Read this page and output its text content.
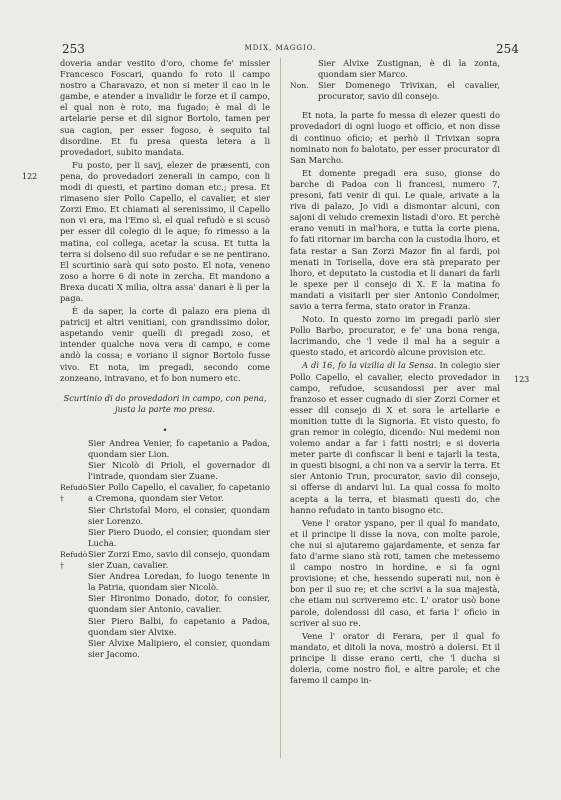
253	MDIX, MAGGIO.	254
122
123

doveria andar vestito d'oro, chome fe' missier Francesco Foscari, quando fo roto il campo nostro a Charavazo, et non si meter il cao in le gambe, e atender a invalidir le forze et il campo, el qual non è roto, ma fugado; è mal di le artelarie perse et dil signor Bortolo, tamen per sua cagion, per esser fogoso, è sequito tal disordine. Et fu presa questa letera a li provedadori, subito mandata.

Fu posto, per li savj, elezer de præsenti, con pena, do provedadori zenerali in campo, con li modi di questi, et partino doman etc.; presa. Et rimaseno sier Pollo Capello, el cavalier, et sier Zorzi Emo. Et chiamati al serenissimo, il Capello non vi era, ma l'Emo sì, el qual refudò e si scusò per esser dil colegio di le aque; fo rimesso a la matina, col collega, acetar la scusa. Et tutta la terra si dolseno dil suo refudar e se ne pentirano. El scurtinio sarà qui soto posto. El nota, veneno zoso a horre 6 di note in zercha. Et mandono a Brexa ducati X milia, oltra assa' danari è lì per la paga.

È da saper, la corte di palazo era piena di patricij et altri venitiani, con grandissimo dolor, aspetando venir quelli di pregadi zoso, et intender qualche nova vera di campo, e come andò la cossa; e voriano il signor Bortolo fusse vivo. Et nota, im pregadi, secondo come zonzeano, intravano, et fo bon numero etc.

Scurtinio di do provedadori in campo, con pena, justa la parte mo presa.

•

Sier Andrea Venier, fo capetanio a Padoa, quondam sier Lion.
Sier Nicolò di Prioli, el governador di l'intrade, quondam sier Zuane.
Refudò †
Sier Pollo Capello, el cavalier, fo capetanio a Cremona, quondam sier Vetor.
Sier Christofal Moro, el consier, quondam sier Lorenzo.
Sier Piero Duodo, el consier, quondam sier Lucha.
Refudò †
Sier Zorzi Emo, savio dil consejo, quondam sier Zuan, cavalier.
Sier Andrea Loredan, fo luogo tenente in la Patria, quondam sier Nicolò.
Sier Hironimo Donado, dotor, fo consier, quondam sier Antonio, cavalier.
Sier Piero Balbi, fo capetanio a Padoa, quondam sier Alvixe.
Sier Alvixe Malipiero, el consier, quondam sier Jacomo.
Sier Alvixe Zustignan, è di la zonta, quondam sier Marco.
Non.	Sier Domenego Trivixan, el cavalier, procurator, savio dil consejo.

Et nota, la parte fo messa di elezer questi do provedadori di ogni luogo et officio, et non disse di continuo oficio; et perhò il Trivixan sopra nominato non fo balotato, per esser procurator di San Marcho.

Et domente pregadi era suso, gionse do barche di Padoa con li francesi, numero 7, presoni, fati venir di qui. Le quale, arivate a la riva di palazo, Jo vidi a dismontar alcuni, con sajoni di veludo cremexin listadi d'oro. Et perchè erano venuti in mal'hora, e tutta la corte piena, fo fati ritornar im barcha con la custodia lhoro, et fata restar a San Zorzi Mazor fin al fardi, poi menati in Torisella, dove era stà preparato per lhoro, et deputato la custodia et li danari da farli le spexe per il consejo di X. E la matina fo mandati a visitarli per sier Antonio Condolmer, savio a terra ferma, stato orator in Franza.

Noto. In questo zorno im pregadi parlò sier Pollo Barbo, procurator, e fe' una bona renga, lacrimando, che 'l vede il mal ha a seguir a questo stado, et aricordò alcune provision etc.

A dì 16, fo la vizilia di la Sensa. In colegio sier Pollo Capello, el cavalier, electo provedador in campo, refudoe, scusandossi per aver mal franzoso et esser cugnado di sier Zorzi Corner et esser dil consejo di X et sora le artellarie e monition tutte di la Signoria. Et visto questo, fo gran remor in colegio, dicendo: Nui medemi non volemo andar a far i fatti nostri; e si doveria meter parte di confiscar li beni e tajarli la testa, in questi bisogni, a chi non va a servir la terra. Et sier Antonio Trun, procurator, savio dil consejo, si offerse di andarvi lui. La qual cossa fo molto acepta a la terra, et biasmati questi do, che hanno refudato in tanto bisogno etc.

Vene l' orator yspano, per il qual fo mandato, et il principe li disse la nova, con molte parole, che nui si ajutaremo gajardamente, et senza far fato d'arme siano stà roti, tamen che metessemo il campo nostro in hordine, e si fa ogni provisione; et che, hessendo superati nui, non è bon per il suo re; et che scrivi a la sua majestà, che etiam nui scriveremo etc. L' orator usò bone parole, dolendossi dil caso, et faria l' oficio in scriver al suo re.

Vene l' orator di Ferara, per il qual fo mandato, et ditoli la nova, mostrò a dolersi. Et il principe li disse erano certi, che 'l ducha si doleria, come nostro fiol, e altre parole; et che faremo il campo in-
